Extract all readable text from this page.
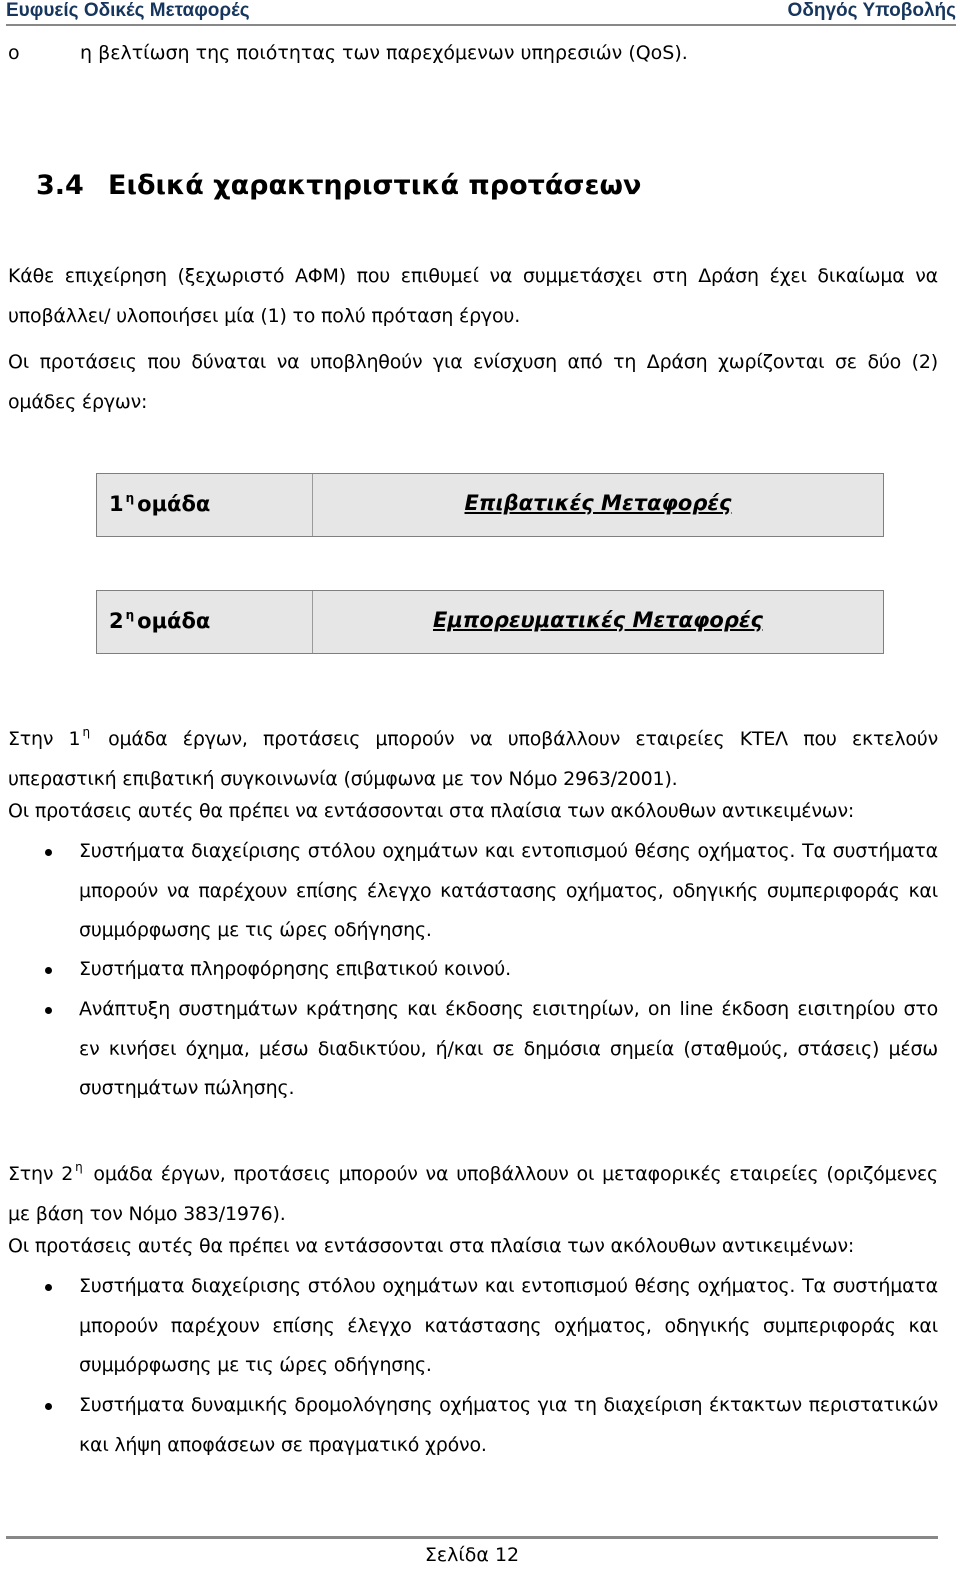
Ευφυείς Οδικές Μεταφορές	Οδηγός Υποβολής
o	η βελτίωση της ποιότητας των παρεχόμενων υπηρεσιών (QoS).
3.4 Ειδικά χαρακτηριστικά προτάσεων
Κάθε επιχείρηση (ξεχωριστό ΑΦΜ) που επιθυμεί να συμμετάσχει στη Δράση έχει δικαίωμα να υποβάλλει/ υλοποιήσει μία (1) το πολύ πρόταση έργου.
Οι προτάσεις που δύναται να υποβληθούν για ενίσχυση από τη Δράση χωρίζονται σε δύο (2) ομάδες έργων:
1 $^\eta$ ομάδα	Επιβατικές Μεταφορές
2 $^\eta$ ομάδα	Εμπορευματικές Μεταφορές
Στην 1 $^\eta$ ομάδα έργων, προτάσεις μπορούν να υποβάλλουν εταιρείες ΚΤΕΛ που εκτελούν υπεραστική επιβατική συγκοινωνία (σύμφωνα με τον Νόμο 2963/2001).
Οι προτάσεις αυτές θα πρέπει να εντάσσονται στα πλαίσια των ακόλουθων αντικειμένων:
Συστήματα διαχείρισης στόλου οχημάτων και εντοπισμού θέσης οχήματος. Τα συστήματα μπορούν να παρέχουν επίσης έλεγχο κατάστασης οχήματος, οδηγικής συμπεριφοράς και συμμόρφωσης με τις ώρες οδήγησης.
Συστήματα πληροφόρησης επιβατικού κοινού.
Ανάπτυξη συστημάτων κράτησης και έκδοσης εισιτηρίων, on line έκδοση εισιτηρίου στο εν κινήσει όχημα, μέσω διαδικτύου, ή/και σε δημόσια σημεία (σταθμούς, στάσεις) μέσω συστημάτων πώλησης.
Στην 2 $^\eta$ ομάδα έργων, προτάσεις μπορούν να υποβάλλουν οι μεταφορικές εταιρείες (οριζόμενες με βάση τον Νόμο 383/1976).
Οι προτάσεις αυτές θα πρέπει να εντάσσονται στα πλαίσια των ακόλουθων αντικειμένων:
Συστήματα διαχείρισης στόλου οχημάτων και εντοπισμού θέσης οχήματος. Τα συστήματα μπορούν παρέχουν επίσης έλεγχο κατάστασης οχήματος, οδηγικής συμπεριφοράς και συμμόρφωσης με τις ώρες οδήγησης.
Συστήματα δυναμικής δρομολόγησης οχήματος για τη διαχείριση έκτακτων περιστατικών και λήψη αποφάσεων σε πραγματικό χρόνο.
Σελίδα 12
